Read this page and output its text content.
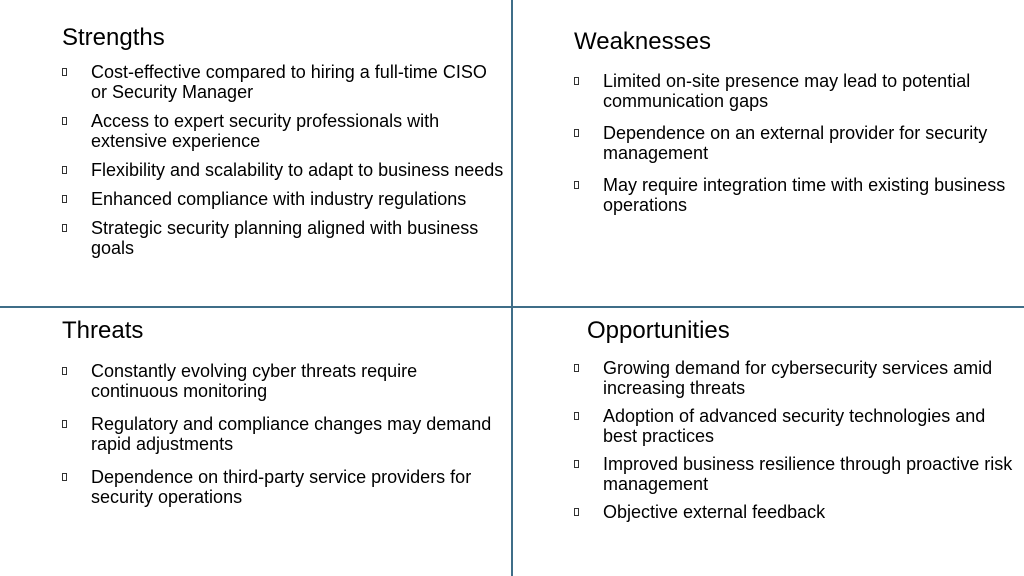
Strengths
Cost-effective compared to hiring a full-time CISO or Security Manager
Access to expert security professionals with extensive experience
Flexibility and scalability to adapt to business needs
Enhanced compliance with industry regulations
Strategic security planning aligned with business goals
Weaknesses
Limited on-site presence may lead to potential communication gaps
Dependence on an external provider for security management
May require integration time with existing business operations
Threats
Constantly evolving cyber threats require continuous monitoring
Regulatory and compliance changes may demand rapid adjustments
Dependence on third-party service providers for security operations
Opportunities
Growing demand for cybersecurity services amid increasing threats
Adoption of advanced security technologies and best practices
Improved business resilience through proactive risk management
Objective external feedback
